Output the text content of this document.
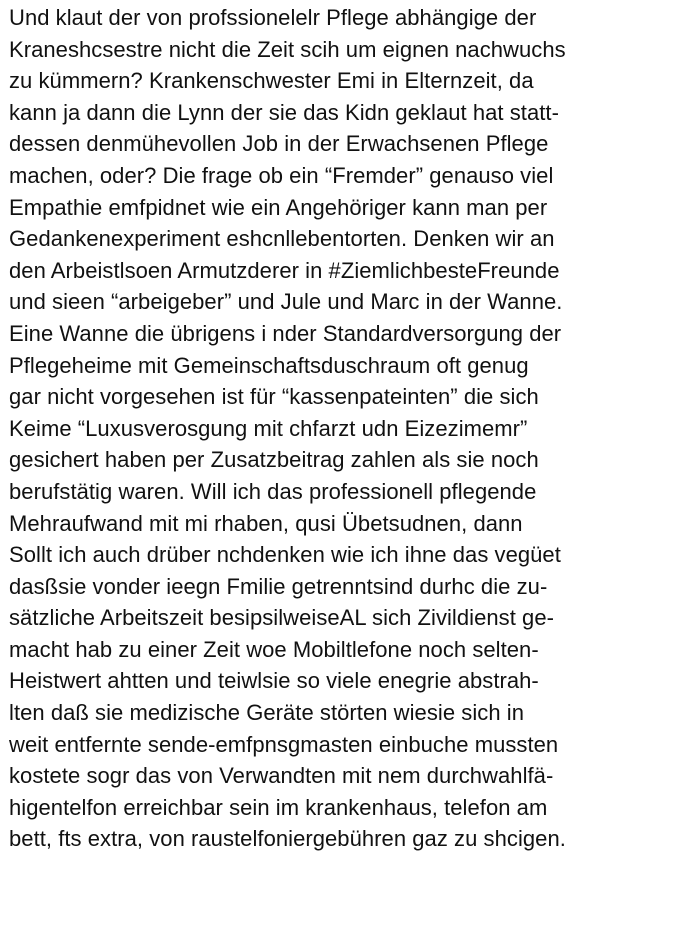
Und klaut der von profssionelelr Pflege abhängige der
Kraneshcsestre nicht die Zeit scih um eignen nachwuchs
zu kümmern? Krankenschwester Emi in Elternzeit, da
kann ja dann die Lynn der sie das Kidn geklaut hat statt-
dessen denmühevollen Job in der Erwachsenen Pflege
machen, oder? Die frage ob ein “Fremder” genauso viel
Empathie emfpidnet wie ein Angehöriger kann man per
Gedankenexperiment eshcnllebentorten. Denken wir an
den Arbeistlsoen Armutzderer in #ZiemlichbesteFreunde
und sieen “arbeigeber” und Jule und Marc in der Wanne.
Eine Wanne die übrigens i nder Standardversorgung der
Pflegeheime mit Gemeinschaftsduschraum oft genug
gar nicht vorgesehen ist für “kassenpateinten” die sich
Keime “Luxusverosgung mit chfarzt udn Eizezimemr”
gesichert haben per Zusatzbeitrag zahlen als sie noch
berufstätig waren. Will ich das professionell pflegende
Mehraufwand mit mi rhaben, qusi Übetsudnen, dann
Sollt ich auch drüber nchdenken wie ich ihne das vegüet
dasßsie vonder ieegn Fmilie getrenntsind durhc die zu-
sätzliche Arbeitszeit besipsilweiseAL sich Zivildienst ge-
macht hab zu einer Zeit woe Mobiltlefone noch selten-
Heistwert ahtten und teiwlsie so viele enegrie abstrah-
lten daß sie medizische Geräte störten wiesie sich in
weit entfernte sende-emfpnsgmasten einbuche mussten
kostete sogr das von Verwandten mit nem durchwahlfä-
higentelfon erreichbar sein im krankenhaus, telefon am
bett, fts extra, von raustelfoniergebühren gaz zu shcigen.
